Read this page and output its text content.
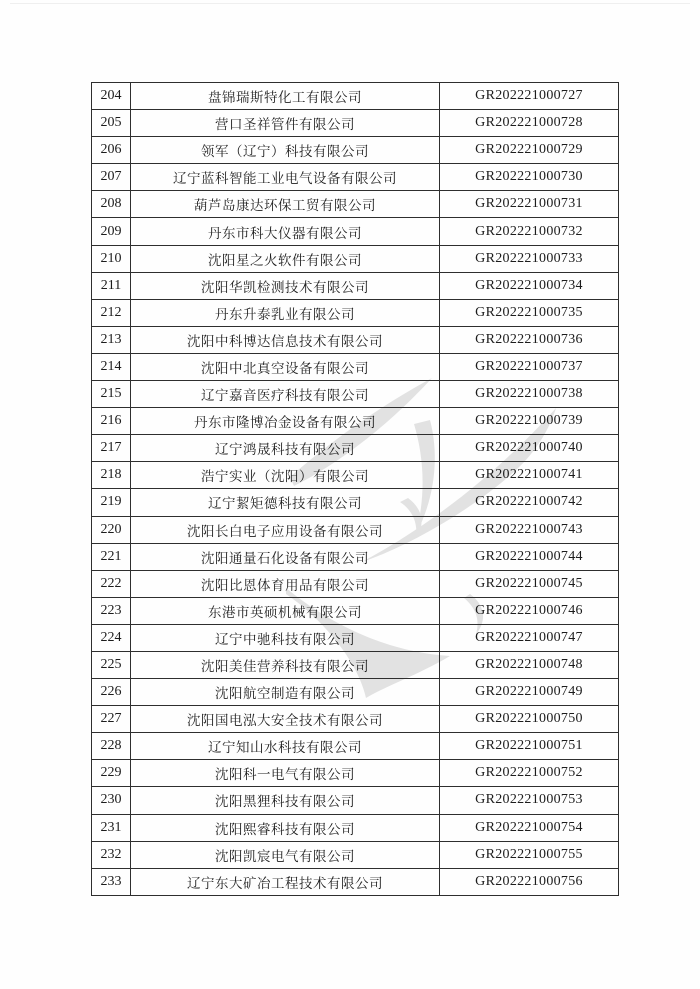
204	盘锦瑞斯特化工有限公司	GR202221000727
205	营口圣祥管件有限公司	GR202221000728
206	领军（辽宁）科技有限公司	GR202221000729
207	辽宁蓝科智能工业电气设备有限公司	GR202221000730
208	葫芦岛康达环保工贸有限公司	GR202221000731
209	丹东市科大仪器有限公司	GR202221000732
210	沈阳星之火软件有限公司	GR202221000733
211	沈阳华凯检测技术有限公司	GR202221000734
212	丹东升泰乳业有限公司	GR202221000735
213	沈阳中科博达信息技术有限公司	GR202221000736
214	沈阳中北真空设备有限公司	GR202221000737
215	辽宁嘉音医疗科技有限公司	GR202221000738
216	丹东市隆博冶金设备有限公司	GR202221000739
217	辽宁鸿晟科技有限公司	GR202221000740
218	浩宁实业（沈阳）有限公司	GR202221000741
219	辽宁絜矩德科技有限公司	GR202221000742
220	沈阳长白电子应用设备有限公司	GR202221000743
221	沈阳通量石化设备有限公司	GR202221000744
222	沈阳比恩体育用品有限公司	GR202221000745
223	东港市英硕机械有限公司	GR202221000746
224	辽宁中驰科技有限公司	GR202221000747
225	沈阳美佳营养科技有限公司	GR202221000748
226	沈阳航空制造有限公司	GR202221000749
227	沈阳国电泓大安全技术有限公司	GR202221000750
228	辽宁知山水科技有限公司	GR202221000751
229	沈阳科一电气有限公司	GR202221000752
230	沈阳黑狸科技有限公司	GR202221000753
231	沈阳熙睿科技有限公司	GR202221000754
232	沈阳凯宸电气有限公司	GR202221000755
233	辽宁东大矿冶工程技术有限公司	GR202221000756
